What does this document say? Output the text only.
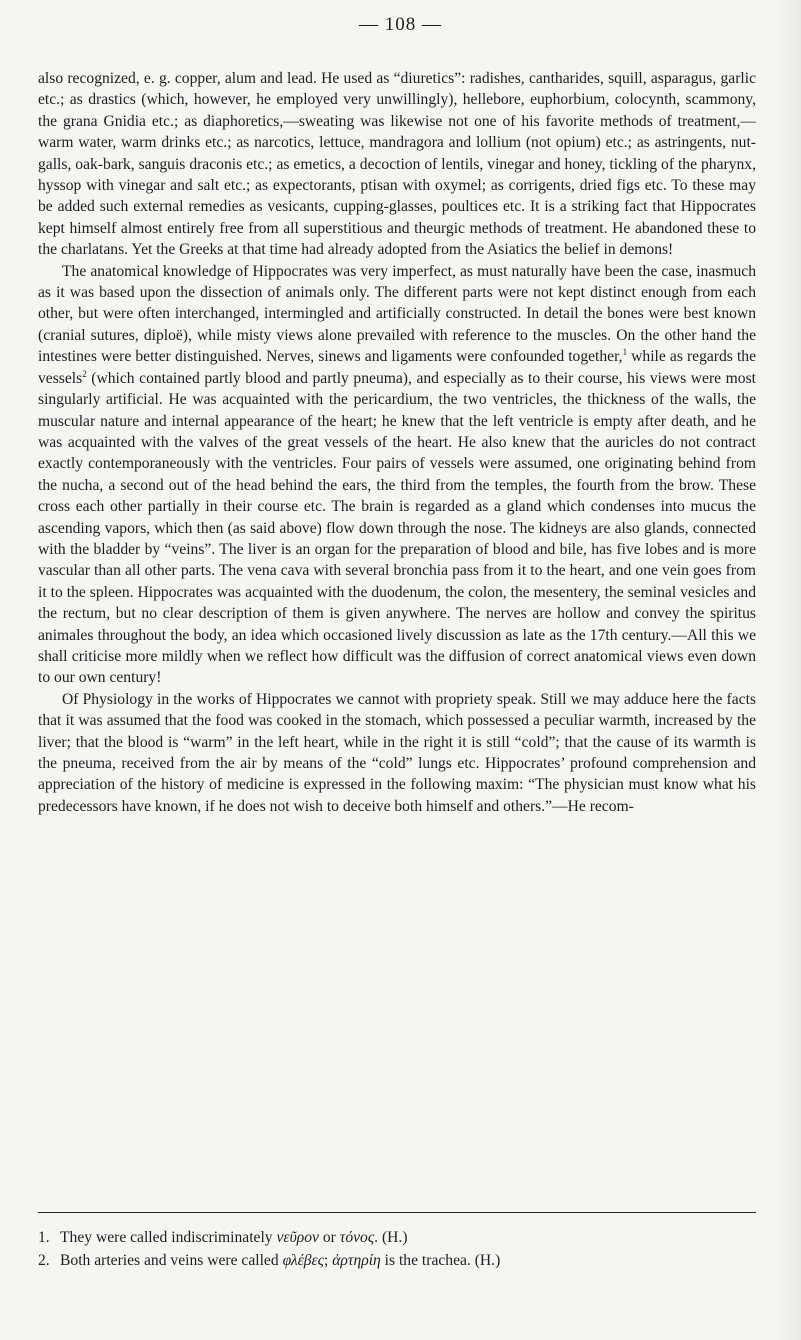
— 108 —

also recognized, e. g. copper, alum and lead. He used as “diuretics”: radishes, cantharides, squill, asparagus, garlic etc.; as drastics (which, however, he employed very unwillingly), hellebore, euphorbium, colocynth, scammony, the grana Gnidia etc.; as diaphoretics,—sweating was likewise not one of his favorite methods of treatment,—warm water, warm drinks etc.; as narcotics, lettuce, mandragora and lollium (not opium) etc.; as astringents, nut-galls, oak-bark, sanguis draconis etc.; as emetics, a decoction of lentils, vinegar and honey, tickling of the pharynx, hyssop with vinegar and salt etc.; as expectorants, ptisan with oxymel; as corrigents, dried figs etc. To these may be added such external remedies as vesicants, cupping-glasses, poultices etc. It is a striking fact that Hippocrates kept himself almost entirely free from all superstitious and theurgic methods of treatment. He abandoned these to the charlatans. Yet the Greeks at that time had already adopted from the Asiatics the belief in demons!

The anatomical knowledge of Hippocrates was very imperfect, as must naturally have been the case, inasmuch as it was based upon the dissection of animals only. The different parts were not kept distinct enough from each other, but were often interchanged, intermingled and artificially constructed. In detail the bones were best known (cranial sutures, diploë), while misty views alone prevailed with reference to the muscles. On the other hand the intestines were better distinguished. Nerves, sinews and ligaments were confounded together,$^1$ while as regards the vessels$^2$ (which contained partly blood and partly pneuma), and especially as to their course, his views were most singularly artificial. He was acquainted with the pericardium, the two ventricles, the thickness of the walls, the muscular nature and internal appearance of the heart; he knew that the left ventricle is empty after death, and he was acquainted with the valves of the great vessels of the heart. He also knew that the auricles do not contract exactly contemporaneously with the ventricles. Four pairs of vessels were assumed, one originating behind from the nucha, a second out of the head behind the ears, the third from the temples, the fourth from the brow. These cross each other partially in their course etc. The brain is regarded as a gland which condenses into mucus the ascending vapors, which then (as said above) flow down through the nose. The kidneys are also glands, connected with the bladder by “veins”. The liver is an organ for the preparation of blood and bile, has five lobes and is more vascular than all other parts. The vena cava with several bronchia pass from it to the heart, and one vein goes from it to the spleen. Hippocrates was acquainted with the duodenum, the colon, the mesentery, the seminal vesicles and the rectum, but no clear description of them is given anywhere. The nerves are hollow and convey the spiritus animales throughout the body, an idea which occasioned lively discussion as late as the 17th century.—All this we shall criticise more mildly when we reflect how difficult was the diffusion of correct anatomical views even down to our own century!

Of Physiology in the works of Hippocrates we cannot with propriety speak. Still we may adduce here the facts that it was assumed that the food was cooked in the stomach, which possessed a peculiar warmth, increased by the liver; that the blood is “warm” in the left heart, while in the right it is still “cold”; that the cause of its warmth is the pneuma, received from the air by means of the “cold” lungs etc. Hippocrates’ profound comprehension and appreciation of the history of medicine is expressed in the following maxim: “The physician must know what his predecessors have known, if he does not wish to deceive both himself and others.”—He recom-

1. They were called indiscriminately νεῦρον or τόνος. (H.)
2. Both arteries and veins were called φλέβες; ἀρτηρίη is the trachea. (H.)
